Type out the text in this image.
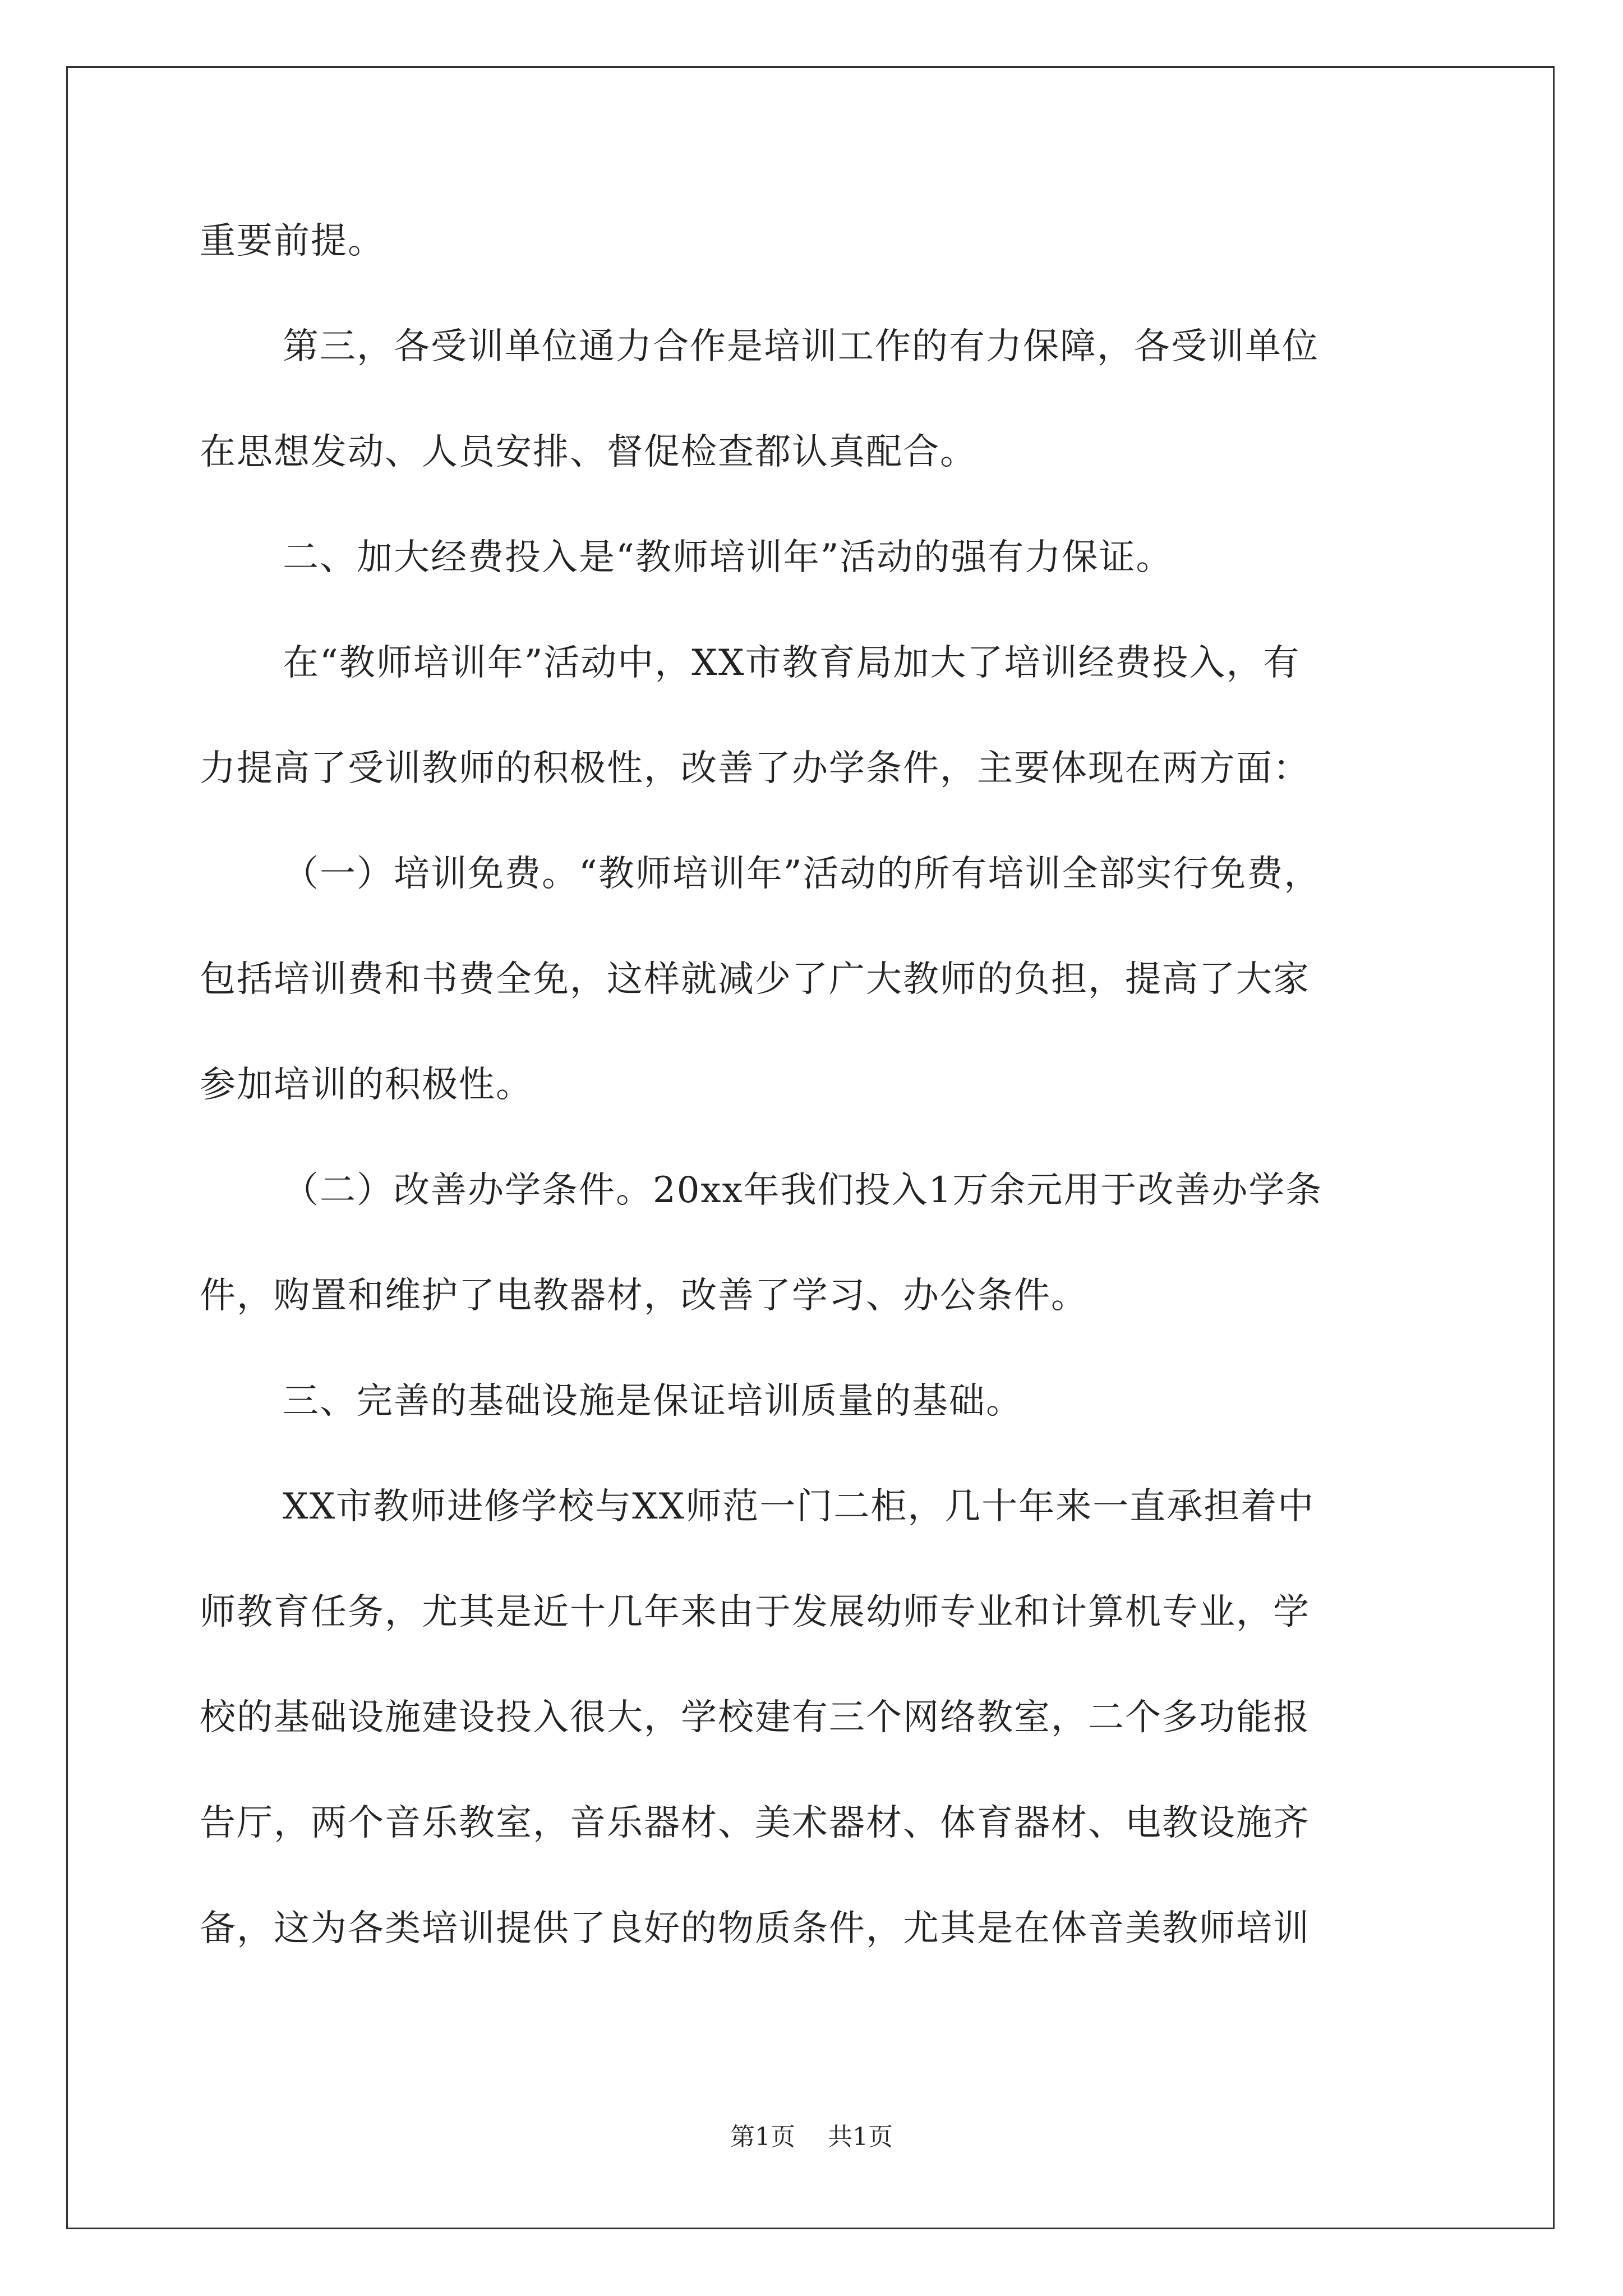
重要前提。
第三，各受训单位通力合作是培训工作的有力保障，各受训单位
在思想发动、人员安排、督促检查都认真配合。
二、加大经费投入是“教师培训年”活动的强有力保证。
在“教师培训年”活动中，XX市教育局加大了培训经费投入，有
力提高了受训教师的积极性，改善了办学条件，主要体现在两方面：
（一）培训免费。“教师培训年”活动的所有培训全部实行免费，
包括培训费和书费全免，这样就减少了广大教师的负担，提高了大家
参加培训的积极性。
（二）改善办学条件。20xx年我们投入1万余元用于改善办学条
件，购置和维护了电教器材，改善了学习、办公条件。
三、完善的基础设施是保证培训质量的基础。
XX市教师进修学校与XX师范一门二柜，几十年来一直承担着中
师教育任务，尤其是近十几年来由于发展幼师专业和计算机专业，学
校的基础设施建设投入很大，学校建有三个网络教室，二个多功能报
告厅，两个音乐教室，音乐器材、美术器材、体育器材、电教设施齐
备，这为各类培训提供了良好的物质条件，尤其是在体音美教师培训
第1页 共1页
